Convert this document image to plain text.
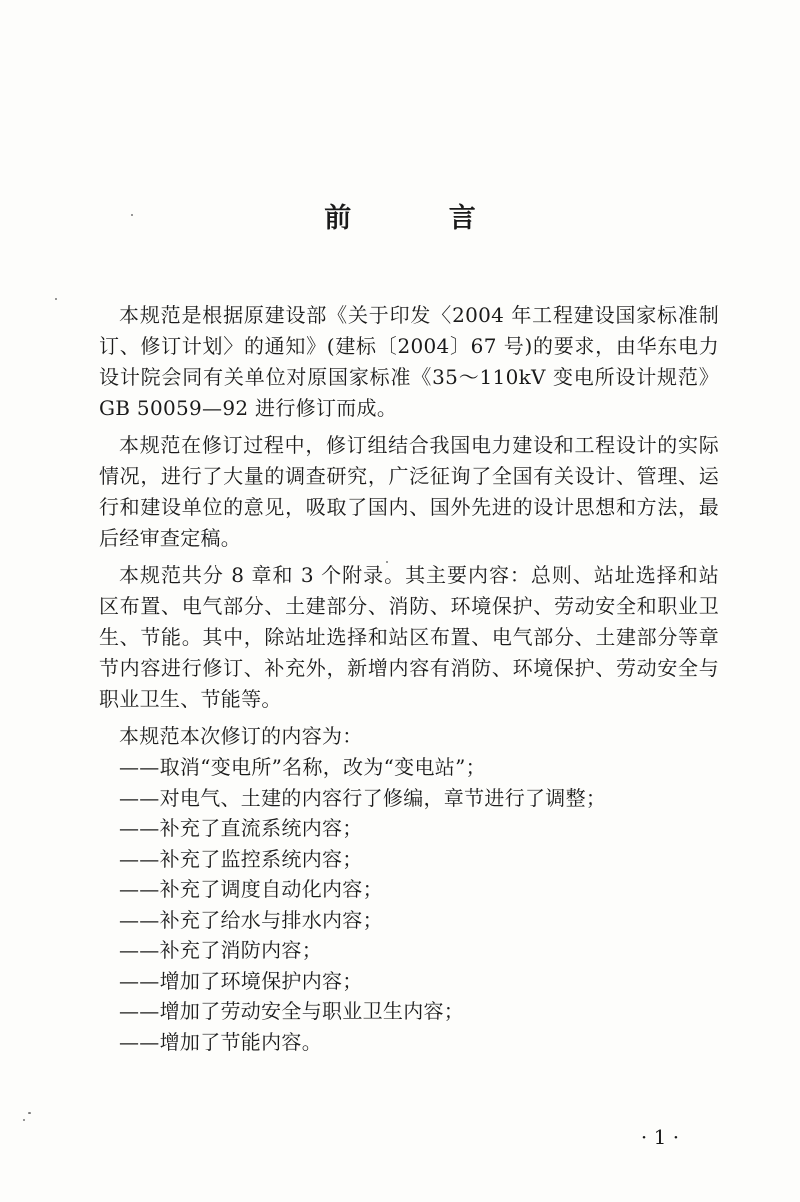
前 言

本规范是根据原建设部《关于印发〈2004 年工程建设国家标准制订、修订计划〉的通知》(建标〔2004〕67 号)的要求，由华东电力设计院会同有关单位对原国家标准《35～110kV 变电所设计规范》GB 50059—92 进行修订而成。

本规范在修订过程中，修订组结合我国电力建设和工程设计的实际情况，进行了大量的调查研究，广泛征询了全国有关设计、管理、运行和建设单位的意见，吸取了国内、国外先进的设计思想和方法，最后经审查定稿。

本规范共分 8 章和 3 个附录。其主要内容：总则、站址选择和站区布置、电气部分、土建部分、消防、环境保护、劳动安全和职业卫生、节能。其中，除站址选择和站区布置、电气部分、土建部分等章节内容进行修订、补充外，新增内容有消防、环境保护、劳动安全与职业卫生、节能等。

本规范本次修订的内容为：

——取消“变电所”名称，改为“变电站”；
——对电气、土建的内容行了修编，章节进行了调整；
——补充了直流系统内容；
——补充了监控系统内容；
——补充了调度自动化内容；
——补充了给水与排水内容；
——补充了消防内容；
——增加了环境保护内容；
——增加了劳动安全与职业卫生内容；
——增加了节能内容。
· 1 ·
